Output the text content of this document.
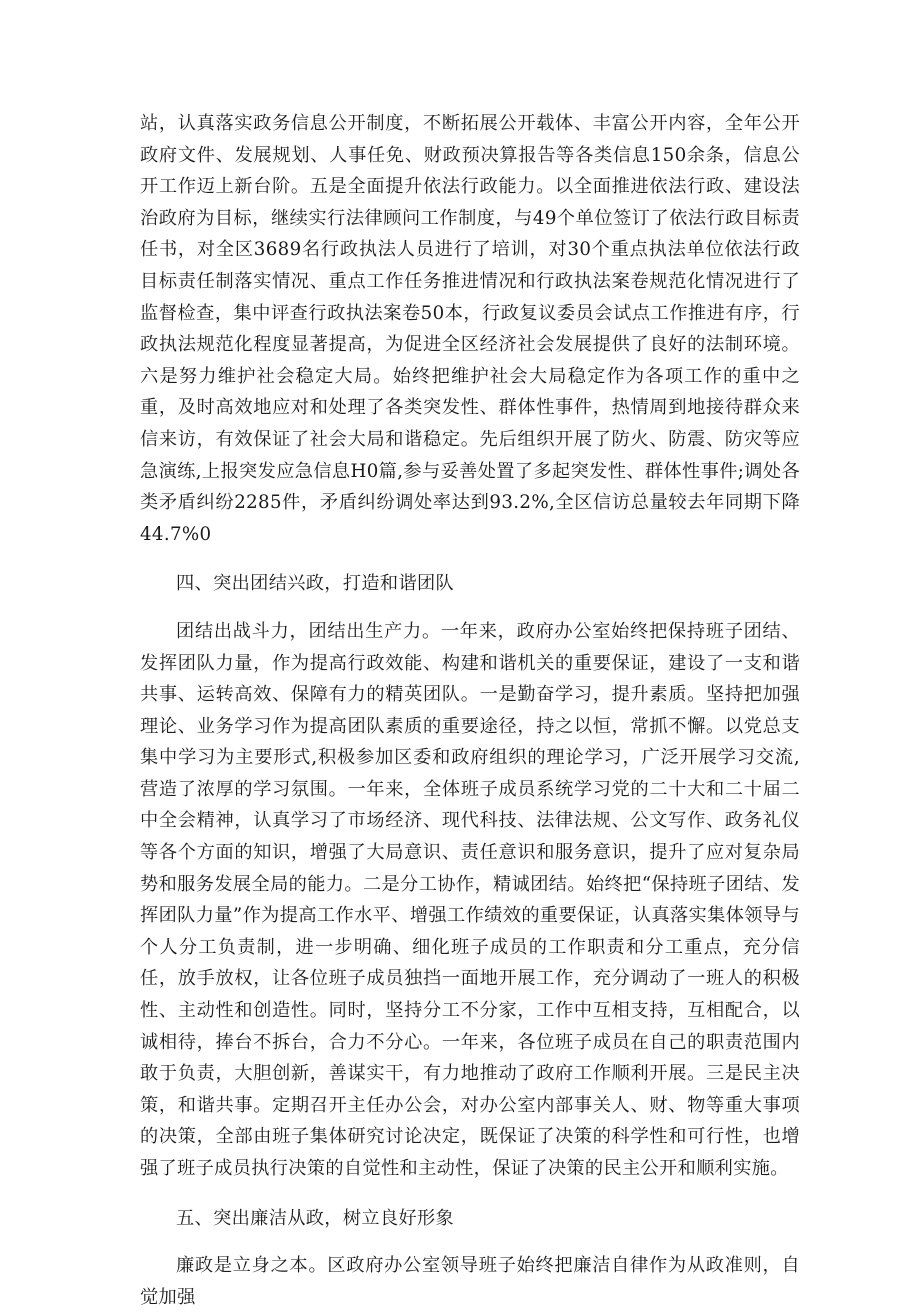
站，认真落实政务信息公开制度，不断拓展公开载体、丰富公开内容，全年公开政府文件、发展规划、人事任免、财政预决算报告等各类信息150余条，信息公开工作迈上新台阶。五是全面提升依法行政能力。以全面推进依法行政、建设法治政府为目标，继续实行法律顾问工作制度，与49个单位签订了依法行政目标责任书，对全区3689名行政执法人员进行了培训，对30个重点执法单位依法行政目标责任制落实情况、重点工作任务推进情况和行政执法案卷规范化情况进行了监督检查，集中评查行政执法案卷50本，行政复议委员会试点工作推进有序，行政执法规范化程度显著提高，为促进全区经济社会发展提供了良好的法制环境。六是努力维护社会稳定大局。始终把维护社会大局稳定作为各项工作的重中之重，及时高效地应对和处理了各类突发性、群体性事件，热情周到地接待群众来信来访，有效保证了社会大局和谐稳定。先后组织开展了防火、防震、防灾等应急演练,上报突发应急信息H0篇,参与妥善处置了多起突发性、群体性事件;调处各类矛盾纠纷2285件，矛盾纠纷调处率达到93.2%,全区信访总量较去年同期下降44.7%0

四、突出团结兴政，打造和谐团队

团结出战斗力，团结出生产力。一年来，政府办公室始终把保持班子团结、发挥团队力量，作为提高行政效能、构建和谐机关的重要保证，建设了一支和谐共事、运转高效、保障有力的精英团队。一是勤奋学习，提升素质。坚持把加强理论、业务学习作为提高团队素质的重要途径，持之以恒，常抓不懈。以党总支集中学习为主要形式,积极参加区委和政府组织的理论学习，广泛开展学习交流,营造了浓厚的学习氛围。一年来，全体班子成员系统学习党的二十大和二十届二中全会精神，认真学习了市场经济、现代科技、法律法规、公文写作、政务礼仪等各个方面的知识，增强了大局意识、责任意识和服务意识，提升了应对复杂局势和服务发展全局的能力。二是分工协作，精诚团结。始终把“保持班子团结、发挥团队力量”作为提高工作水平、增强工作绩效的重要保证，认真落实集体领导与个人分工负责制，进一步明确、细化班子成员的工作职责和分工重点，充分信任，放手放权，让各位班子成员独挡一面地开展工作，充分调动了一班人的积极性、主动性和创造性。同时，坚持分工不分家，工作中互相支持，互相配合，以诚相待，捧台不拆台，合力不分心。一年来，各位班子成员在自己的职责范围内敢于负责，大胆创新，善谋实干，有力地推动了政府工作顺利开展。三是民主决策，和谐共事。定期召开主任办公会，对办公室内部事关人、财、物等重大事项的决策，全部由班子集体研究讨论决定，既保证了决策的科学性和可行性，也增强了班子成员执行决策的自觉性和主动性，保证了决策的民主公开和顺利实施。

五、突出廉洁从政，树立良好形象

廉政是立身之本。区政府办公室领导班子始终把廉洁自律作为从政准则，自觉加强
